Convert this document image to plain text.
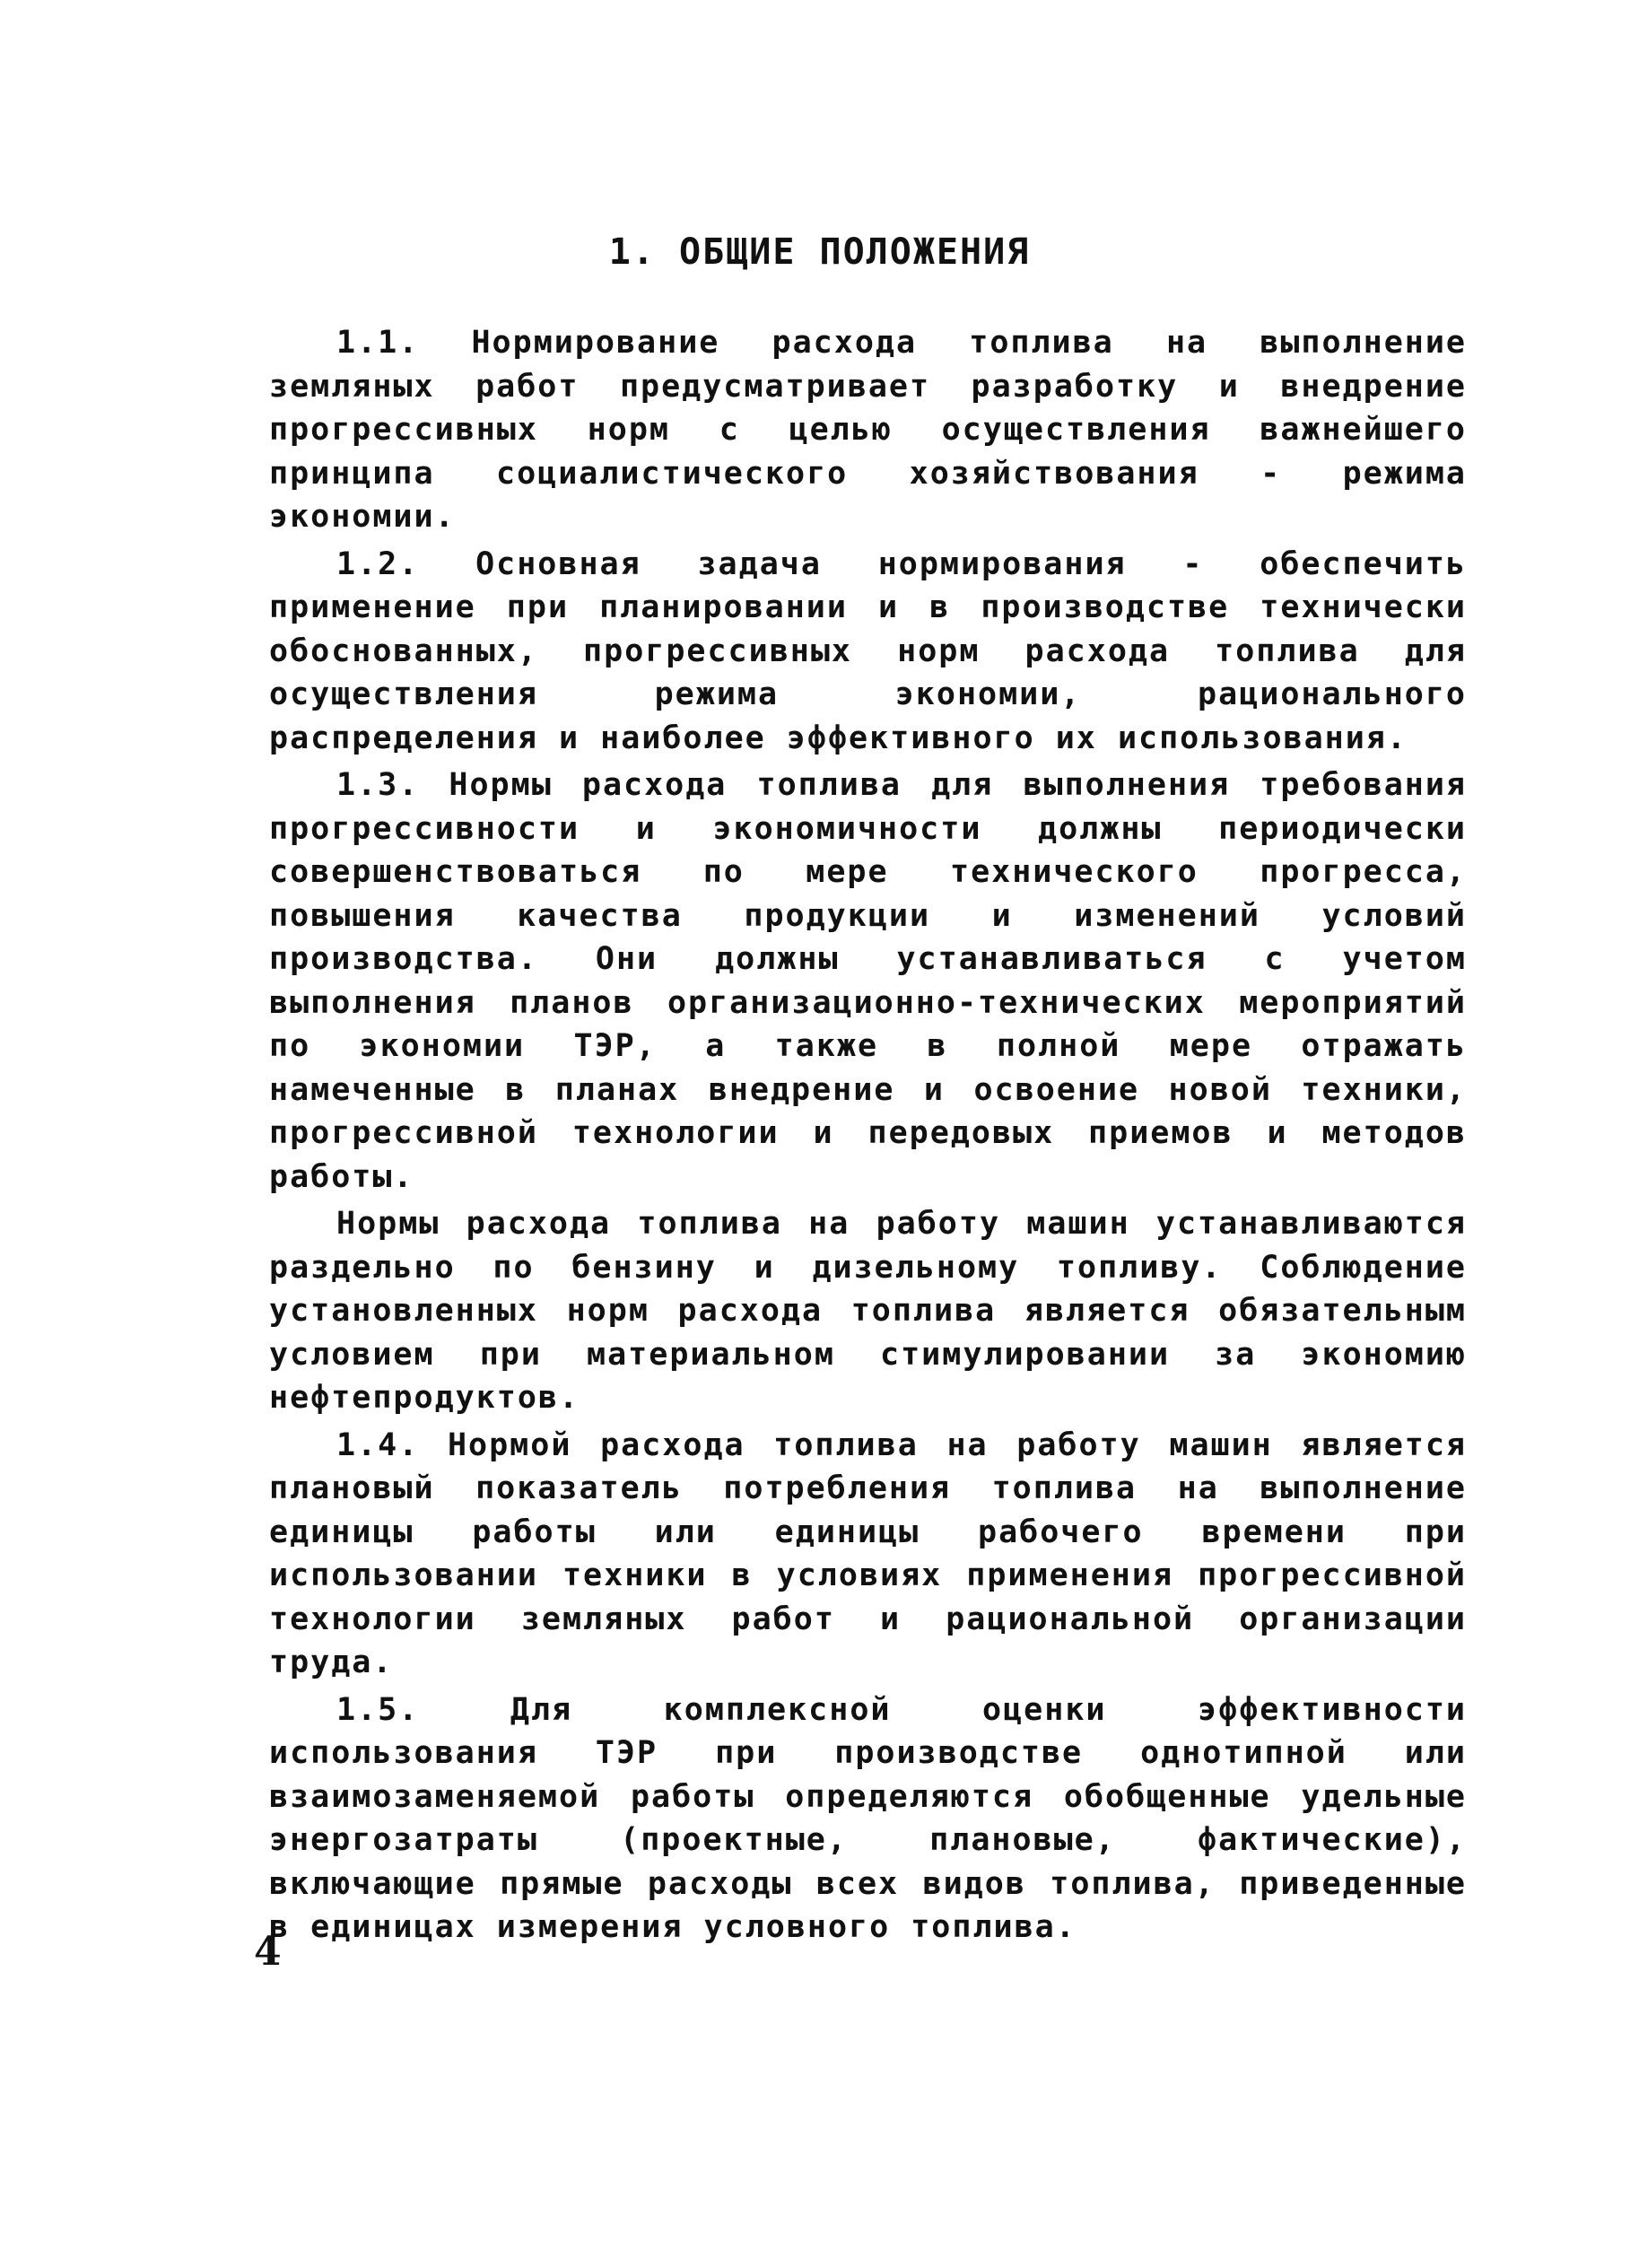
1. ОБЩИЕ ПОЛОЖЕНИЯ

1.1. Нормирование расхода топлива на выполнение земляных работ предусматривает разработку и внедрение прогрессивных норм с целью осуществления важнейшего принципа социалистического хозяйствования - режима экономии.

1.2. Основная задача нормирования - обеспечить применение при планировании и в производстве технически обоснованных, прогрессивных норм расхода топлива для осуществления режима экономии, рационального распределения и наиболее эффективного их использования.

1.3. Нормы расхода топлива для выполнения требования прогрессивности и экономичности должны периодически совершенствоваться по мере технического прогресса, повышения качества продукции и изменений условий производства. Они должны устанавливаться с учетом выполнения планов организационно-технических мероприятий по экономии ТЭР, а также в полной мере отражать намеченные в планах внедрение и освоение новой техники, прогрессивной технологии и передовых приемов и методов работы.

Нормы расхода топлива на работу машин устанавливаются раздельно по бензину и дизельному топливу. Соблюдение установленных норм расхода топлива является обязательным условием при материальном стимулировании за экономию нефтепродуктов.

1.4. Нормой расхода топлива на работу машин является плановый показатель потребления топлива на выполнение единицы работы или единицы рабочего времени при использовании техники в условиях применения прогрессивной технологии земляных работ и рациональной организации труда.

1.5. Для комплексной оценки эффективности использования ТЭР при производстве однотипной или взаимозаменяемой работы определяются обобщенные удельные энергозатраты (проектные, плановые, фактические), включающие прямые расходы всех видов топлива, приведенные в единицах измерения условного топлива.

4
